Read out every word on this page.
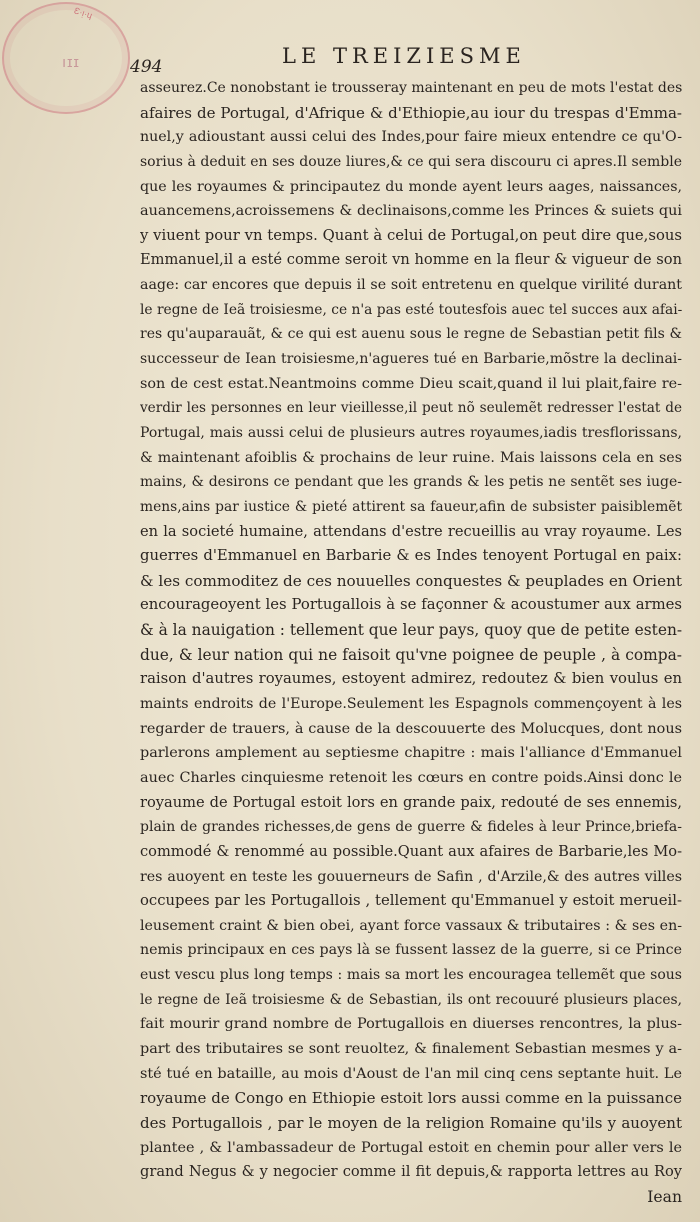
Ɛ·ᴉ·ɥ
ıɪɪ	494	LE TREIZIESME
asseurez.Ce nonobstant ie trousseray maintenant en peu de mots l'estat des
afaires de Portugal, d'Afrique & d'Ethiopie,au iour du trespas d'Emma-
nuel,y adioustant aussi celui des Indes,pour faire mieux entendre ce qu'O-
sorius à deduit en ses douze liures,& ce qui sera discouru ci apres.Il semble
que les royaumes & principautez du monde ayent leurs aages, naissances,
auancemens,acroissemens & declinaisons,comme les Princes & suiets qui
y viuent pour vn temps. Quant à celui de Portugal,on peut dire que,sous
Emmanuel,il a esté comme seroit vn homme en la fleur & vigueur de son
aage: car encores que depuis il se soit entretenu en quelque virilité durant
le regne de Ieã troisiesme, ce n'a pas esté toutesfois auec tel succes aux afai-
res qu'auparauãt, & ce qui est auenu sous le regne de Sebastian petit fils &
successeur de Iean troisiesme,n'agueres tué en Barbarie,mõstre la declinai-
son de cest estat.Neantmoins comme Dieu scait,quand il lui plait,faire re-
verdir les personnes en leur vieillesse,il peut nõ seulemẽt redresser l'estat de
Portugal, mais aussi celui de plusieurs autres royaumes,iadis tresflorissans,
& maintenant afoiblis & prochains de leur ruine. Mais laissons cela en ses
mains, & desirons ce pendant que les grands & les petis ne sentẽt ses iuge-
mens,ains par iustice & pieté attirent sa faueur,afin de subsister paisiblemẽt
en la societé humaine, attendans d'estre recueillis au vray royaume. Les
guerres d'Emmanuel en Barbarie & es Indes tenoyent Portugal en paix:
& les commoditez de ces nouuelles conquestes & peuplades en Orient
encourageoyent les Portugallois à se façonner & acoustumer aux armes
& à la nauigation : tellement que leur pays, quoy que de petite esten-
due, & leur nation qui ne faisoit qu'vne poignee de peuple , à compa-
raison d'autres royaumes, estoyent admirez, redoutez & bien voulus en
maints endroits de l'Europe.Seulement les Espagnols commençoyent à les
regarder de trauers, à cause de la descouuerte des Molucques, dont nous
parlerons amplement au septiesme chapitre : mais l'alliance d'Emmanuel
auec Charles cinquiesme retenoit les cœurs en contre poids.Ainsi donc le
royaume de Portugal estoit lors en grande paix, redouté de ses ennemis,
plain de grandes richesses,de gens de guerre & fideles à leur Prince,briefa-
commodé & renommé au possible.Quant aux afaires de Barbarie,les Mo-
res auoyent en teste les gouuerneurs de Safin , d'Arzile,& des autres villes
occupees par les Portugallois , tellement qu'Emmanuel y estoit merueil-
leusement craint & bien obei, ayant force vassaux & tributaires : & ses en-
nemis principaux en ces pays là se fussent lassez de la guerre, si ce Prince
eust vescu plus long temps : mais sa mort les encouragea tellemẽt que sous
le regne de Ieã troisiesme & de Sebastian, ils ont recouuré plusieurs places,
fait mourir grand nombre de Portugallois en diuerses rencontres, la plus-
part des tributaires se sont reuoltez, & finalement Sebastian mesmes y a-
sté tué en bataille, au mois d'Aoust de l'an mil cinq cens septante huit. Le
royaume de Congo en Ethiopie estoit lors aussi comme en la puissance
des Portugallois , par le moyen de la religion Romaine qu'ils y auoyent
plantee , & l'ambassadeur de Portugal estoit en chemin pour aller vers le
grand Negus & y negocier comme il fit depuis,& rapporta lettres au Roy
Iean
